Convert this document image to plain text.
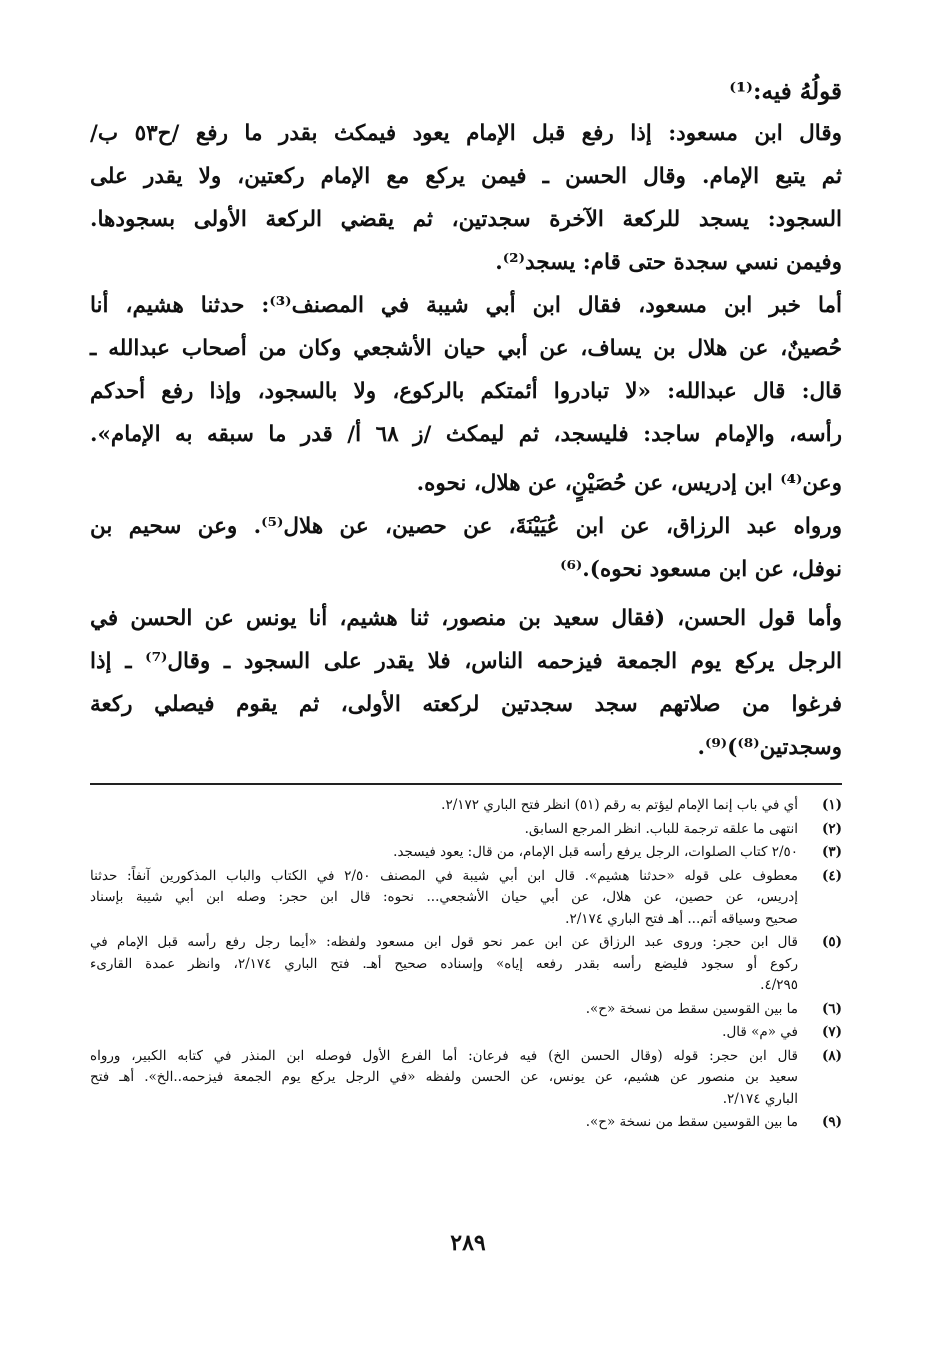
قولُهُ فيه:⁽¹⁾
وقال ابن مسعود: إذا رفع قبل الإمام يعود فيمكث بقدر ما رفع /ح٥٣ ب/
ثم يتبع الإمام. وقال الحسن ـ فيمن يركع مع الإمام ركعتين، ولا يقدر على
السجود: يسجد للركعة الآخرة سجدتين، ثم يقضي الركعة الأولى بسجودها.
وفيمن نسي سجدة حتى قام: يسجد⁽²⁾.
أما خبر ابن مسعود، فقال ابن أبي شيبة في المصنف⁽³⁾: حدثنا هشيم، أنا
حُصينٌ، عن هلال بن يساف، عن أبي حيان الأشجعي وكان من أصحاب عبدالله ـ
قال: قال عبدالله: «لا تبادروا أئمتكم بالركوع، ولا بالسجود، وإذا رفع أحدكم
رأسه، والإمام ساجد: فليسجد، ثم ليمكث /ز ٦٨ أ/ قدر ما سبقه به الإمام».
وعن⁽⁴⁾ ابن إدريس، عن حُصَيْنٍ، عن هلال، نحوه.
ورواه عبد الرزاق، عن ابن عُيَيْنَةَ، عن حصين، عن هلال⁽⁵⁾. وعن سحيم بن
نوفل، عن ابن مسعود نحوه).⁽⁶⁾
وأما قول الحسن، (فقال سعيد بن منصور، ثنا هشيم، أنا يونس عن الحسن في
الرجل يركع يوم الجمعة فيزحمه الناس، فلا يقدر على السجود ـ وقال⁽⁷⁾ ـ إذا
فرغوا من صلاتهم سجد سجدتين لركعته الأولى، ثم يقوم فيصلي ركعة
وسجدتين⁽⁸⁾)⁽⁹⁾.
(١)
أي في باب إنما الإمام ليؤتم به رقم (٥١) انظر فتح الباري ٢/١٧٢.
(٢)
انتهى ما علقه ترجمة للباب. انظر المرجع السابق.
(٣)
٢/٥٠ كتاب الصلوات، الرجل يرفع رأسه قبل الإمام، من قال: يعود فيسجد.
(٤)
معطوف على قوله «حدثنا هشيم». قال ابن أبي شيبة في المصنف ٢/٥٠ في الكتاب والباب المذكورين آنفاً: حدثنا
إدريس، عن حصين، عن هلال، عن أبي حيان الأشجعي... نحوه: قال ابن حجر: وصله ابن أبي شيبة بإسناد
صحيح وسياقه أتم... أهـ فتح الباري ٢/١٧٤.
(٥)
قال ابن حجر: وروى عبد الرزاق عن ابن عمر نحو قول ابن مسعود ولفظه: «أيما رجل رفع رأسه قبل الإمام في
ركوع أو سجود فليضع رأسه بقدر رفعه إياه» وإسناده صحيح أهـ. فتح الباري ٢/١٧٤، وانظر عمدة القارىء
٤/٢٩٥.
(٦)
ما بين القوسين سقط من نسخة «ح».
(٧)
في «م» قال.
(٨)
قال ابن حجر: قوله (وقال الحسن الخ) فيه فرعان: أما الفرع الأول فوصله ابن المنذر في كتابه الكبير، ورواه
سعيد بن منصور عن هشيم، عن يونس، عن الحسن ولفظه «في الرجل يركع يوم الجمعة فيزحمه..الخ». أهـ فتح
الباري ٢/١٧٤.
(٩)
ما بين القوسين سقط من نسخة «ح».
٢٨٩
